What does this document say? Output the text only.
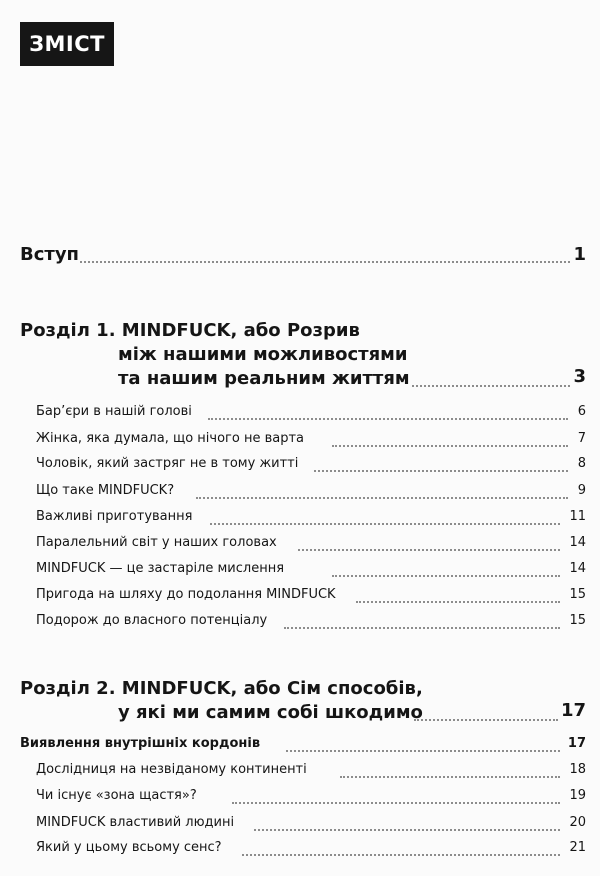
ЗМІСТ
Вступ	1
Розділ 1. MINDFUCK, або Розрив
між нашими можливостями
та нашим реальним життям	3
Бар’єри в нашій голові	6
Жінка, яка думала, що нічого не варта	7
Чоловік, який застряг не в тому житті	8
Що таке MINDFUCK?	9
Важливі приготування	11
Паралельний світ у наших головах	14
MINDFUCK — це застаріле мислення	14
Пригода на шляху до подолання MINDFUCK	15
Подорож до власного потенціалу	15
Розділ 2. MINDFUCK, або Сім способів,
у які ми самим собі шкодимо	17
Виявлення внутрішніх кордонів	17
Дослідниця на незвіданому континенті	18
Чи існує «зона щастя»?	19
MINDFUCK властивий людині	20
Який у цьому всьому сенс?	21
